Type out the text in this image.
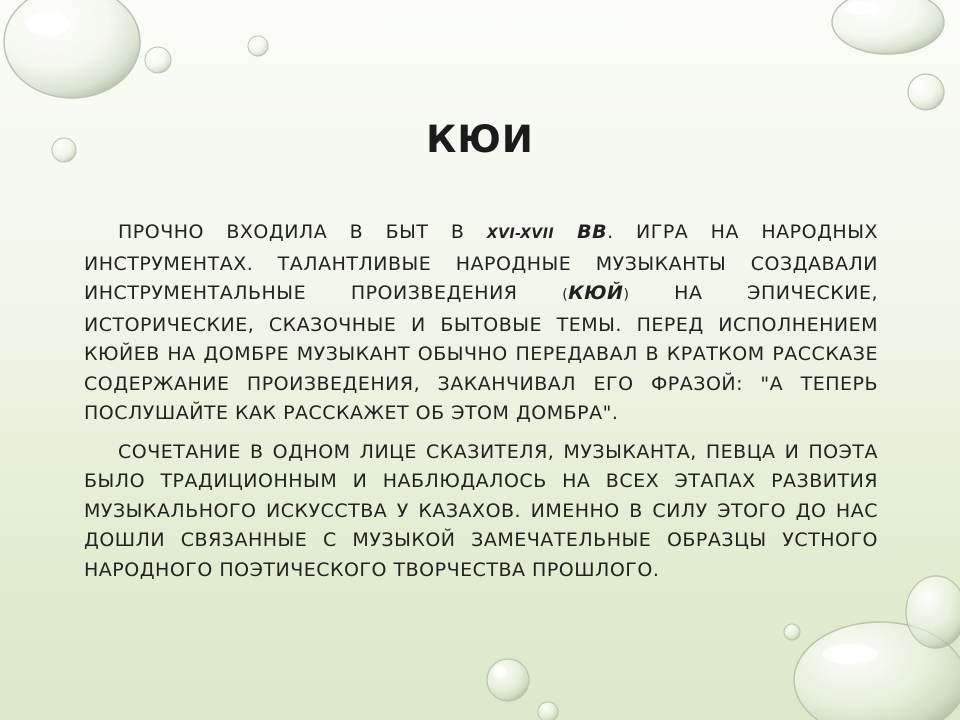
КЮИ

ПРОЧНО ВХОДИЛА В БЫТ В XVI-XVII ВВ. ИГРА НА НАРОДНЫХ ИНСТРУМЕНТАХ. ТАЛАНТЛИВЫЕ НАРОДНЫЕ МУЗЫКАНТЫ СОЗДАВАЛИ ИНСТРУМЕНТАЛЬНЫЕ ПРОИЗВЕДЕНИЯ (КЮЙ) НА ЭПИЧЕСКИЕ, ИСТОРИЧЕСКИЕ, СКАЗОЧНЫЕ И БЫТОВЫЕ ТЕМЫ. ПЕРЕД ИСПОЛНЕНИЕМ КЮЙЕВ НА ДОМБРЕ МУЗЫКАНТ ОБЫЧНО ПЕРЕДАВАЛ В КРАТКОМ РАССКАЗЕ СОДЕРЖАНИЕ ПРОИЗВЕДЕНИЯ, ЗАКАНЧИВАЛ ЕГО ФРАЗОЙ: "А ТЕПЕРЬ ПОСЛУШАЙТЕ КАК РАССКАЖЕТ ОБ ЭТОМ ДОМБРА".

СОЧЕТАНИЕ В ОДНОМ ЛИЦЕ СКАЗИТЕЛЯ, МУЗЫКАНТА, ПЕВЦА И ПОЭТА БЫЛО ТРАДИЦИОННЫМ И НАБЛЮДАЛОСЬ НА ВСЕХ ЭТАПАХ РАЗВИТИЯ МУЗЫКАЛЬНОГО ИСКУССТВА У КАЗАХОВ. ИМЕННО В СИЛУ ЭТОГО ДО НАС ДОШЛИ СВЯЗАННЫЕ С МУЗЫКОЙ ЗАМЕЧАТЕЛЬНЫЕ ОБРАЗЦЫ УСТНОГО НАРОДНОГО ПОЭТИЧЕСКОГО ТВОРЧЕСТВА ПРОШЛОГО.
